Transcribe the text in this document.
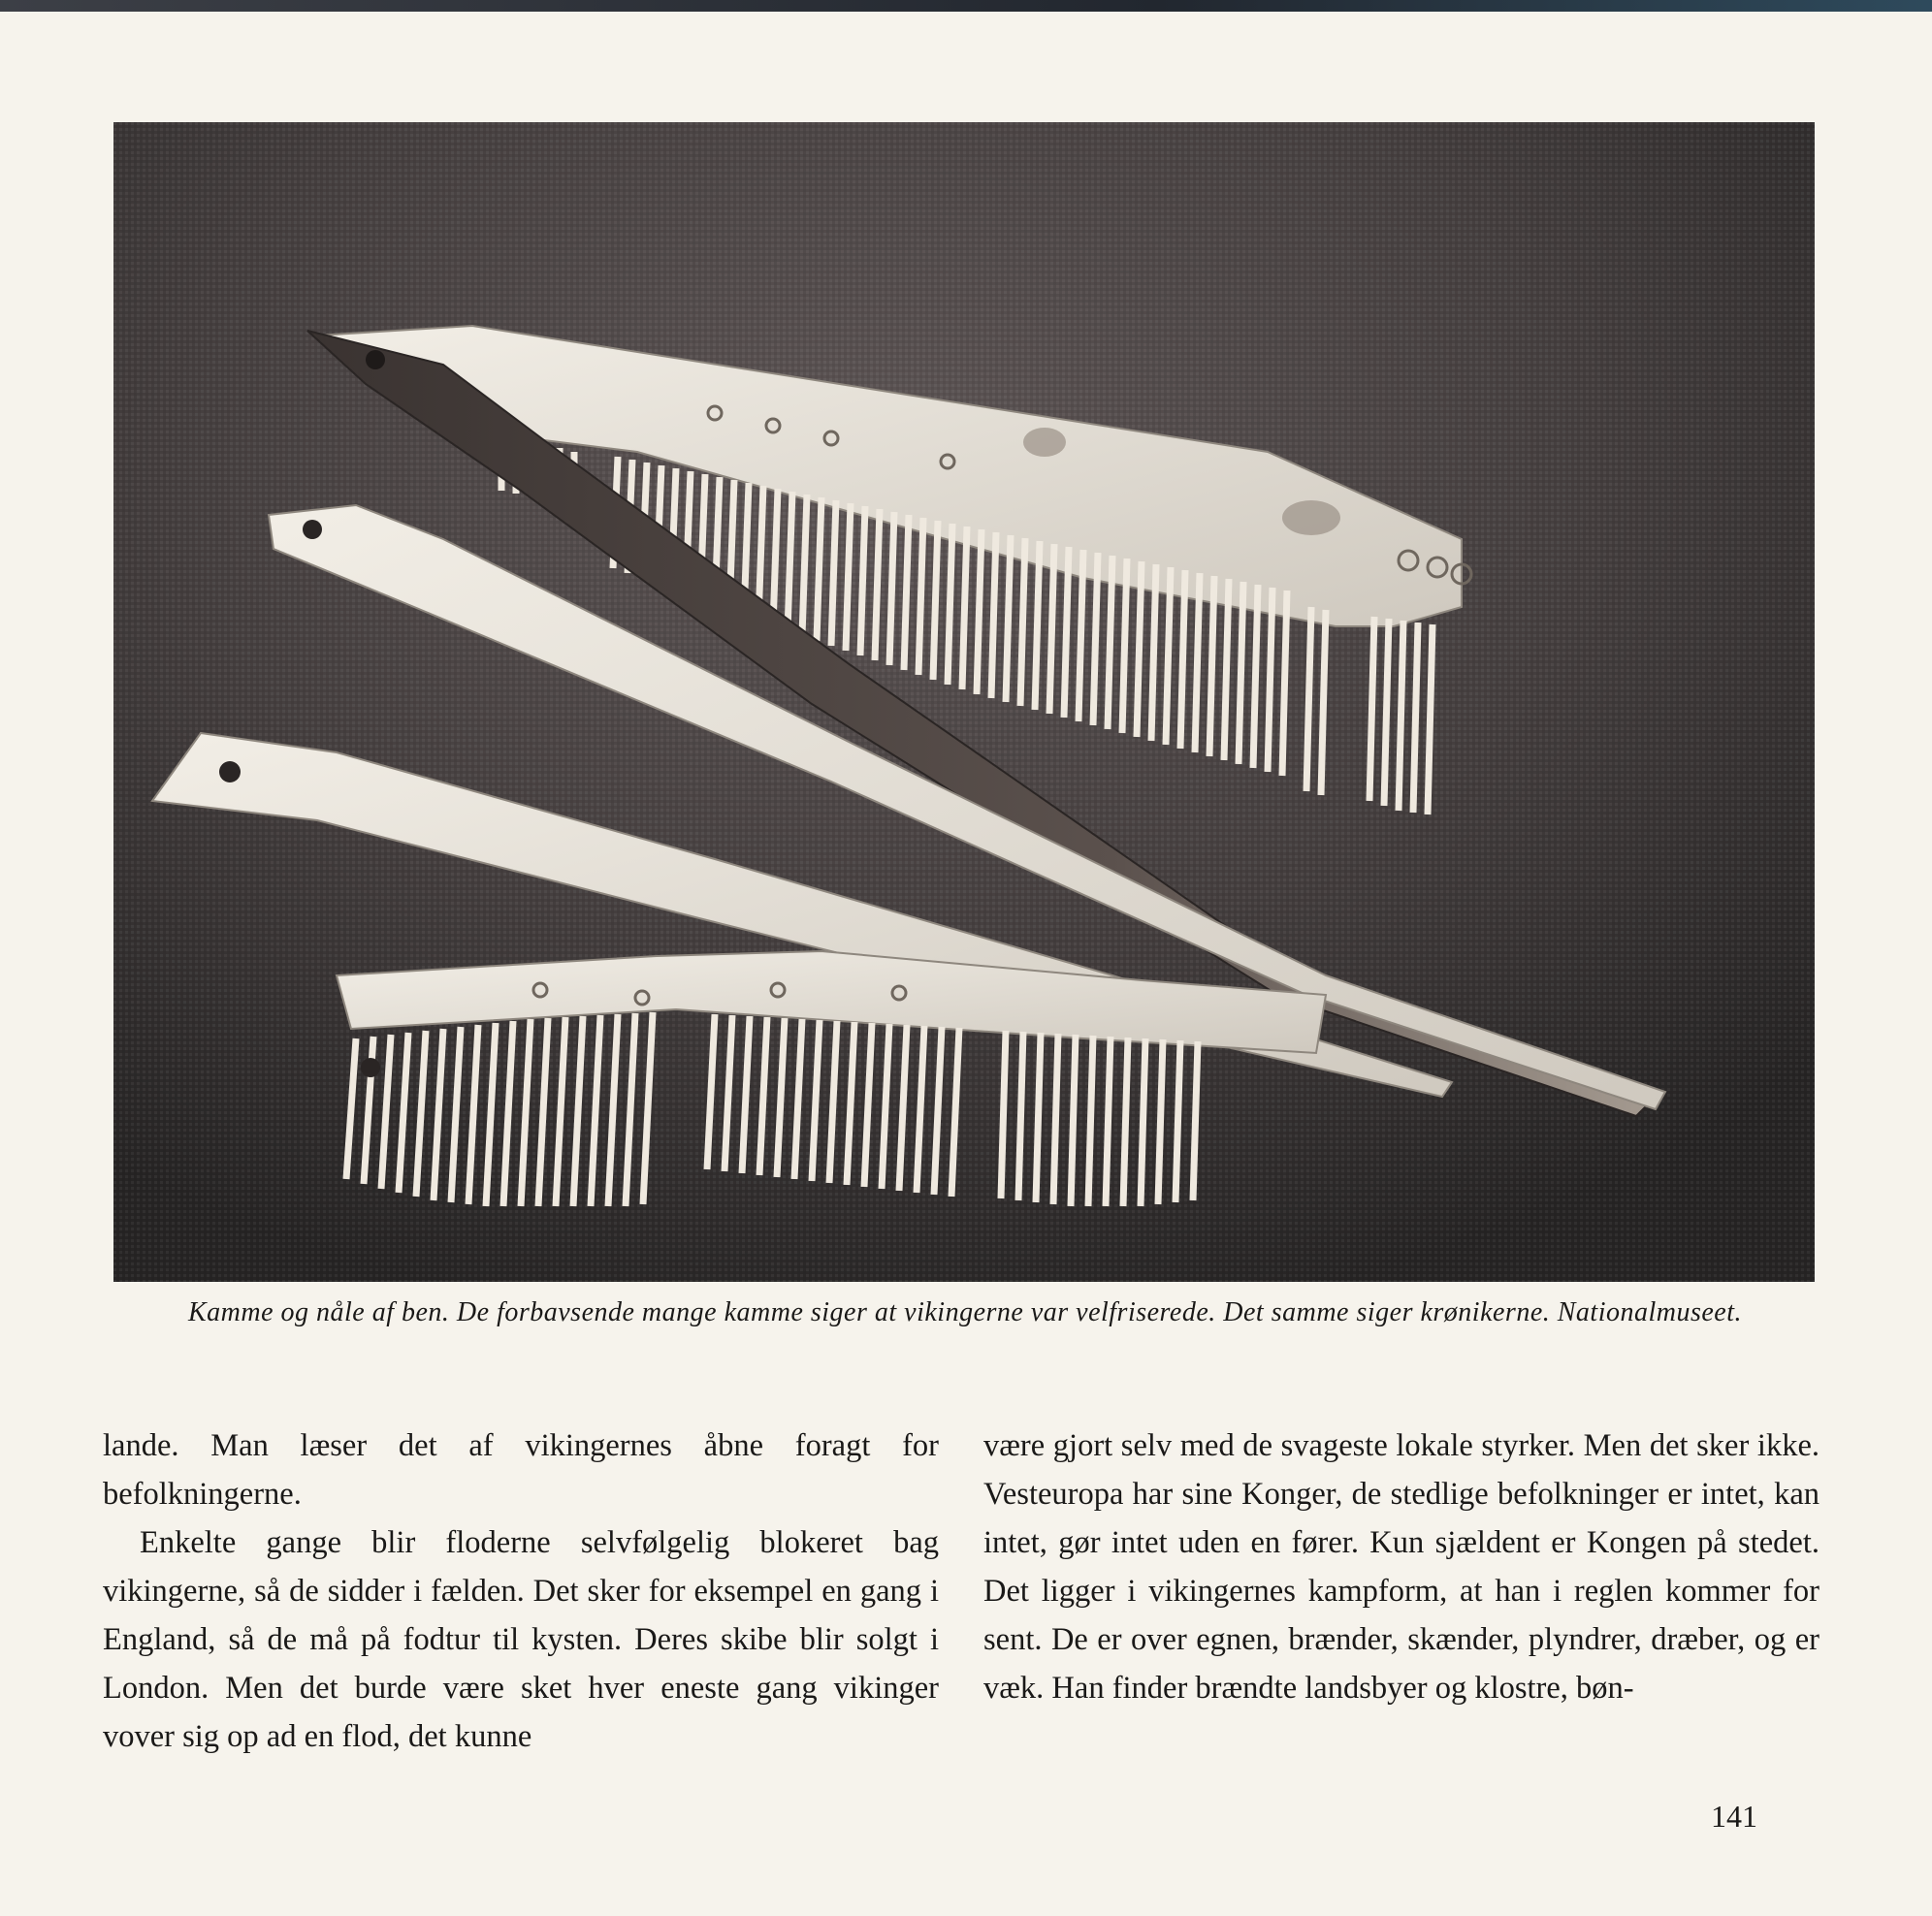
Kamme og nåle af ben. De forbavsende mange kamme siger at vikingerne var velfriserede. Det samme siger krønikerne. Nationalmuseet.

lande. Man læser det af vikingernes åbne foragt for befolkningerne.

Enkelte gange blir floderne selvfølgelig blokeret bag vikingerne, så de sidder i fælden. Det sker for eksempel en gang i England, så de må på fodtur til kysten. Deres skibe blir solgt i London. Men det burde være sket hver eneste gang vikinger vover sig op ad en flod, det kunne

være gjort selv med de svageste lokale styrker. Men det sker ikke. Vesteuropa har sine Konger, de stedlige befolkninger er intet, kan intet, gør intet uden en fører. Kun sjældent er Kongen på stedet. Det ligger i vikingernes kampform, at han i reglen kommer for sent. De er over egnen, brænder, skænder, plyndrer, dræber, og er væk. Han finder brændte landsbyer og klostre, bøn-

141
